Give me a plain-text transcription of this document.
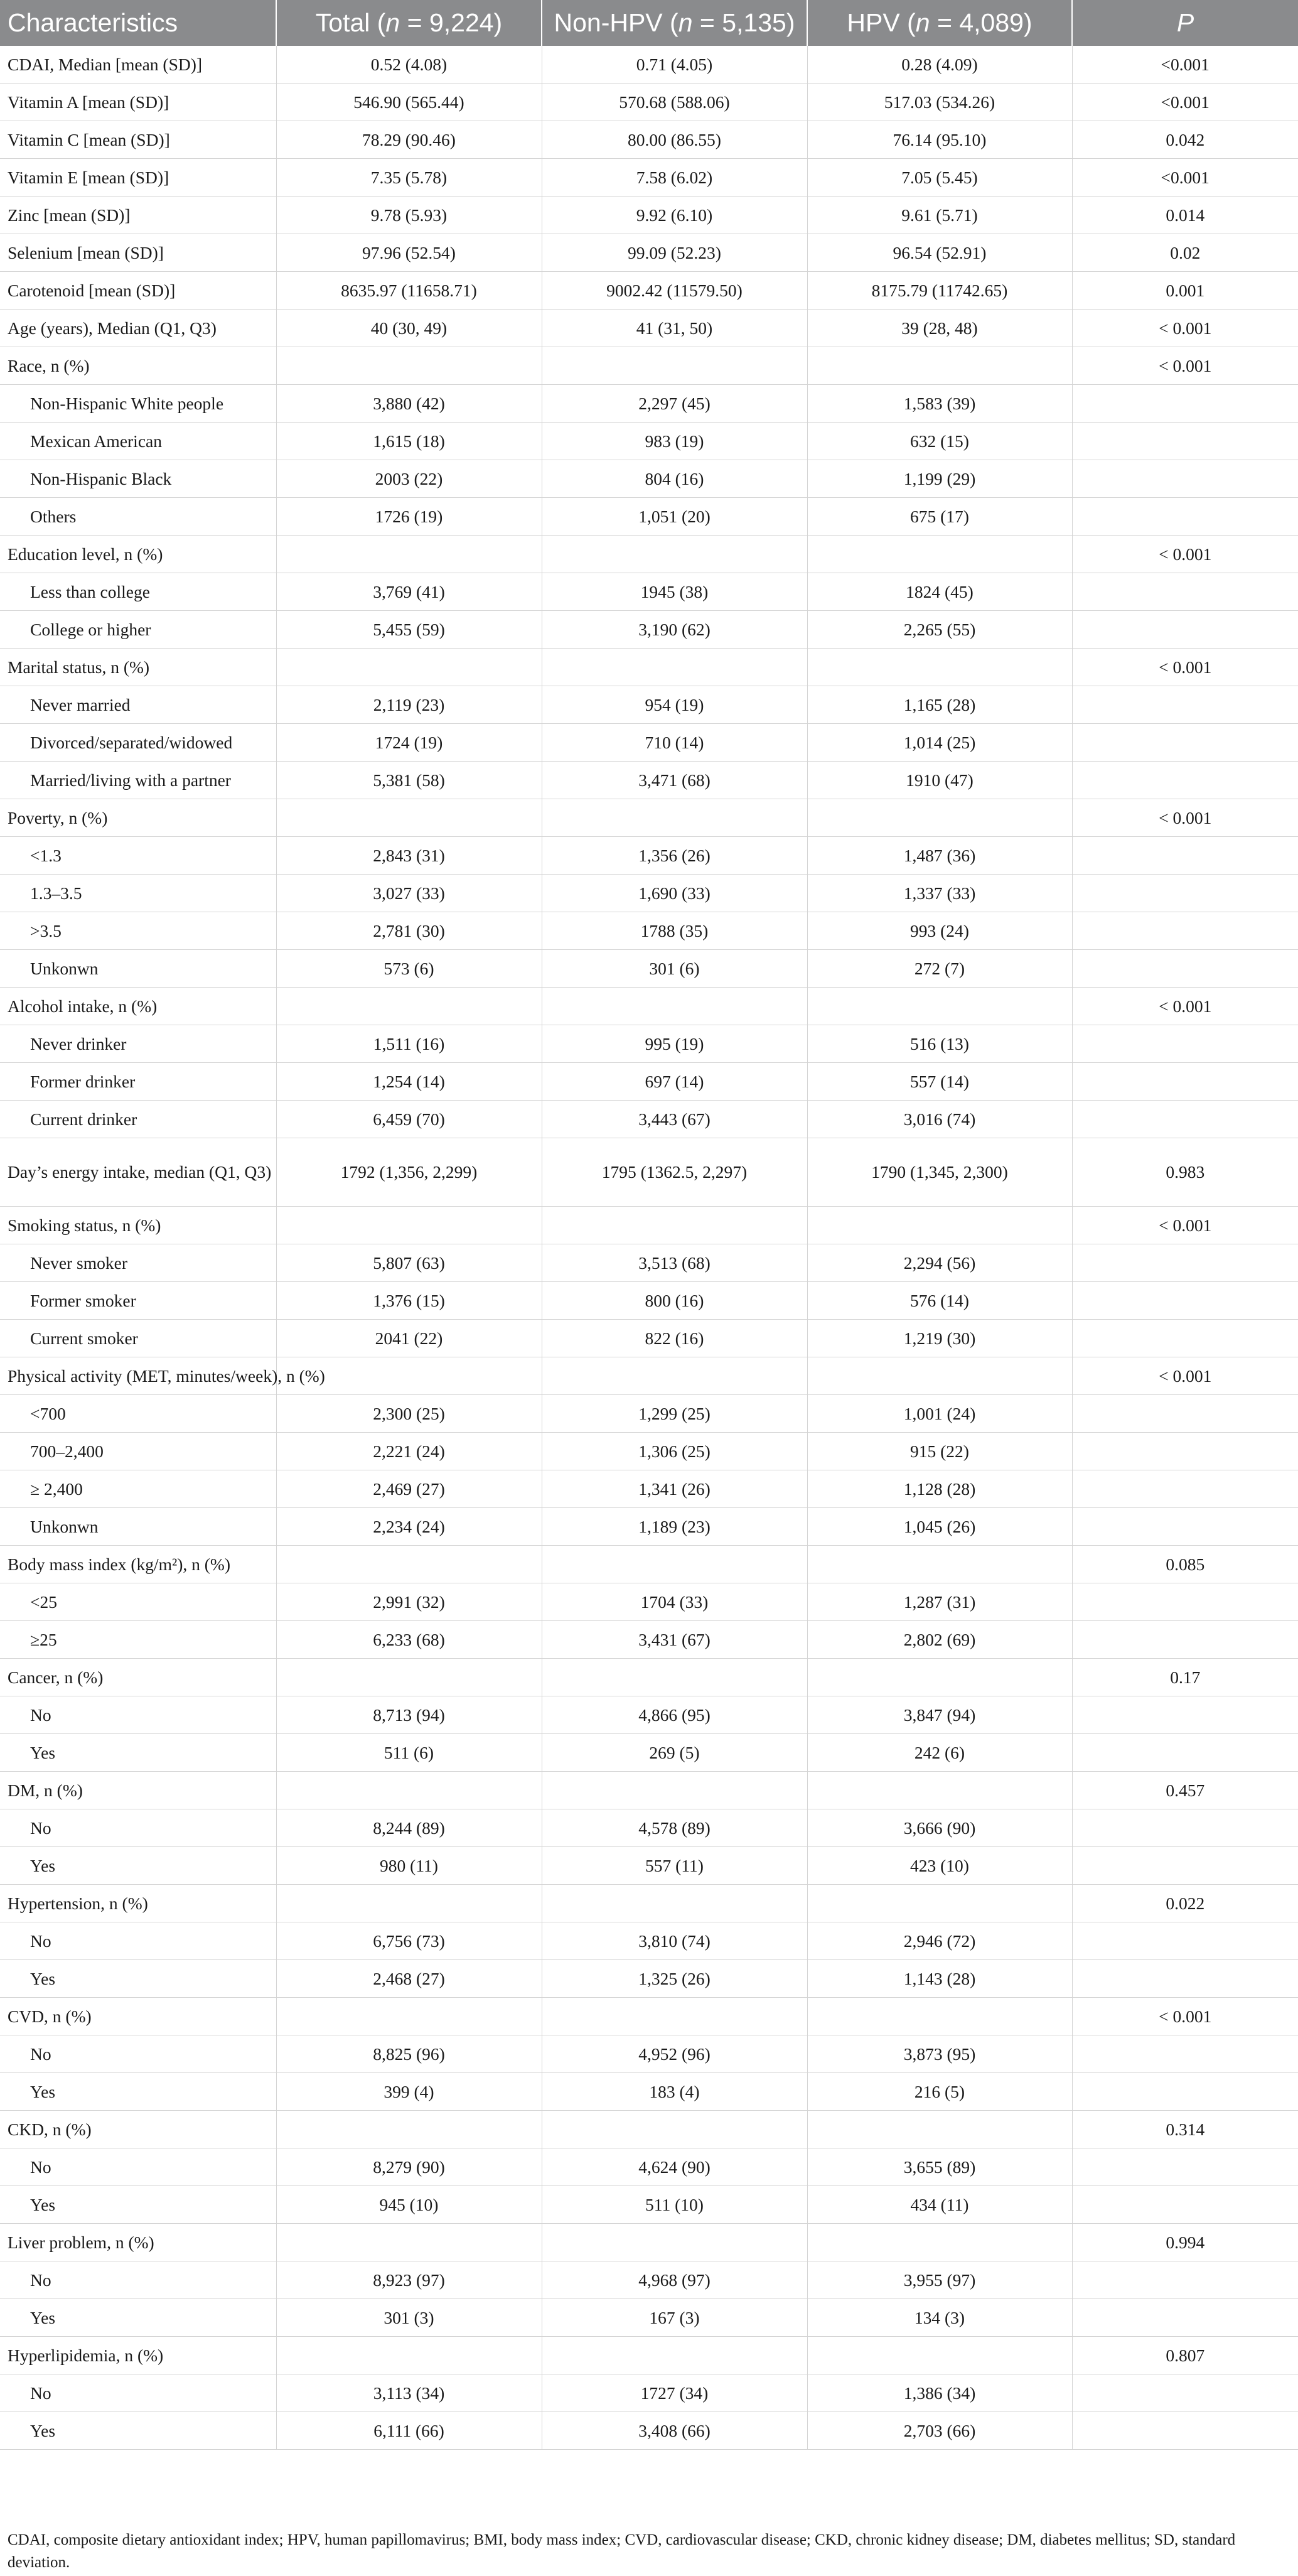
Characteristics	Total (n = 9,224)	Non-HPV (n = 5,135)	HPV (n = 4,089)	P
CDAI, Median [mean (SD)]	0.52 (4.08)	0.71 (4.05)	0.28 (4.09)	<0.001
Vitamin A [mean (SD)]	546.90 (565.44)	570.68 (588.06)	517.03 (534.26)	<0.001
Vitamin C [mean (SD)]	78.29 (90.46)	80.00 (86.55)	76.14 (95.10)	0.042
Vitamin E [mean (SD)]	7.35 (5.78)	7.58 (6.02)	7.05 (5.45)	<0.001
Zinc [mean (SD)]	9.78 (5.93)	9.92 (6.10)	9.61 (5.71)	0.014
Selenium [mean (SD)]	97.96 (52.54)	99.09 (52.23)	96.54 (52.91)	0.02
Carotenoid [mean (SD)]	8635.97 (11658.71)	9002.42 (11579.50)	8175.79 (11742.65)	0.001
Age (years), Median (Q1, Q3)	40 (30, 49)	41 (31, 50)	39 (28, 48)	< 0.001
Race, n (%)				< 0.001
Non-Hispanic White people	3,880 (42)	2,297 (45)	1,583 (39)	
Mexican American	1,615 (18)	983 (19)	632 (15)	
Non-Hispanic Black	2003 (22)	804 (16)	1,199 (29)	
Others	1726 (19)	1,051 (20)	675 (17)	
Education level, n (%)				< 0.001
Less than college	3,769 (41)	1945 (38)	1824 (45)	
College or higher	5,455 (59)	3,190 (62)	2,265 (55)	
Marital status, n (%)				< 0.001
Never married	2,119 (23)	954 (19)	1,165 (28)	
Divorced/separated/widowed	1724 (19)	710 (14)	1,014 (25)	
Married/living with a partner	5,381 (58)	3,471 (68)	1910 (47)	
Poverty, n (%)				< 0.001
<1.3	2,843 (31)	1,356 (26)	1,487 (36)	
1.3–3.5	3,027 (33)	1,690 (33)	1,337 (33)	
>3.5	2,781 (30)	1788 (35)	993 (24)	
Unkonwn	573 (6)	301 (6)	272 (7)	
Alcohol intake, n (%)				< 0.001
Never drinker	1,511 (16)	995 (19)	516 (13)	
Former drinker	1,254 (14)	697 (14)	557 (14)	
Current drinker	6,459 (70)	3,443 (67)	3,016 (74)	
Day’s energy intake, median (Q1, Q3)	1792 (1,356, 2,299)	1795 (1362.5, 2,297)	1790 (1,345, 2,300)	0.983
Smoking status, n (%)				< 0.001
Never smoker	5,807 (63)	3,513 (68)	2,294 (56)	
Former smoker	1,376 (15)	800 (16)	576 (14)	
Current smoker	2041 (22)	822 (16)	1,219 (30)	
Physical activity (MET, minutes/week), n (%)				< 0.001
<700	2,300 (25)	1,299 (25)	1,001 (24)	
700–2,400	2,221 (24)	1,306 (25)	915 (22)	
≥ 2,400	2,469 (27)	1,341 (26)	1,128 (28)	
Unkonwn	2,234 (24)	1,189 (23)	1,045 (26)	
Body mass index (kg/m²), n (%)				0.085
<25	2,991 (32)	1704 (33)	1,287 (31)	
≥25	6,233 (68)	3,431 (67)	2,802 (69)	
Cancer, n (%)				0.17
No	8,713 (94)	4,866 (95)	3,847 (94)	
Yes	511 (6)	269 (5)	242 (6)	
DM, n (%)				0.457
No	8,244 (89)	4,578 (89)	3,666 (90)	
Yes	980 (11)	557 (11)	423 (10)	
Hypertension, n (%)				0.022
No	6,756 (73)	3,810 (74)	2,946 (72)	
Yes	2,468 (27)	1,325 (26)	1,143 (28)	
CVD, n (%)				< 0.001
No	8,825 (96)	4,952 (96)	3,873 (95)	
Yes	399 (4)	183 (4)	216 (5)	
CKD, n (%)				0.314
No	8,279 (90)	4,624 (90)	3,655 (89)	
Yes	945 (10)	511 (10)	434 (11)	
Liver problem, n (%)				0.994
No	8,923 (97)	4,968 (97)	3,955 (97)	
Yes	301 (3)	167 (3)	134 (3)	
Hyperlipidemia, n (%)				0.807
No	3,113 (34)	1727 (34)	1,386 (34)	
Yes	6,111 (66)	3,408 (66)	2,703 (66)	
CDAI, composite dietary antioxidant index; HPV, human papillomavirus; BMI, body mass index; CVD, cardiovascular disease; CKD, chronic kidney disease; DM, diabetes mellitus; SD, standard deviation.
